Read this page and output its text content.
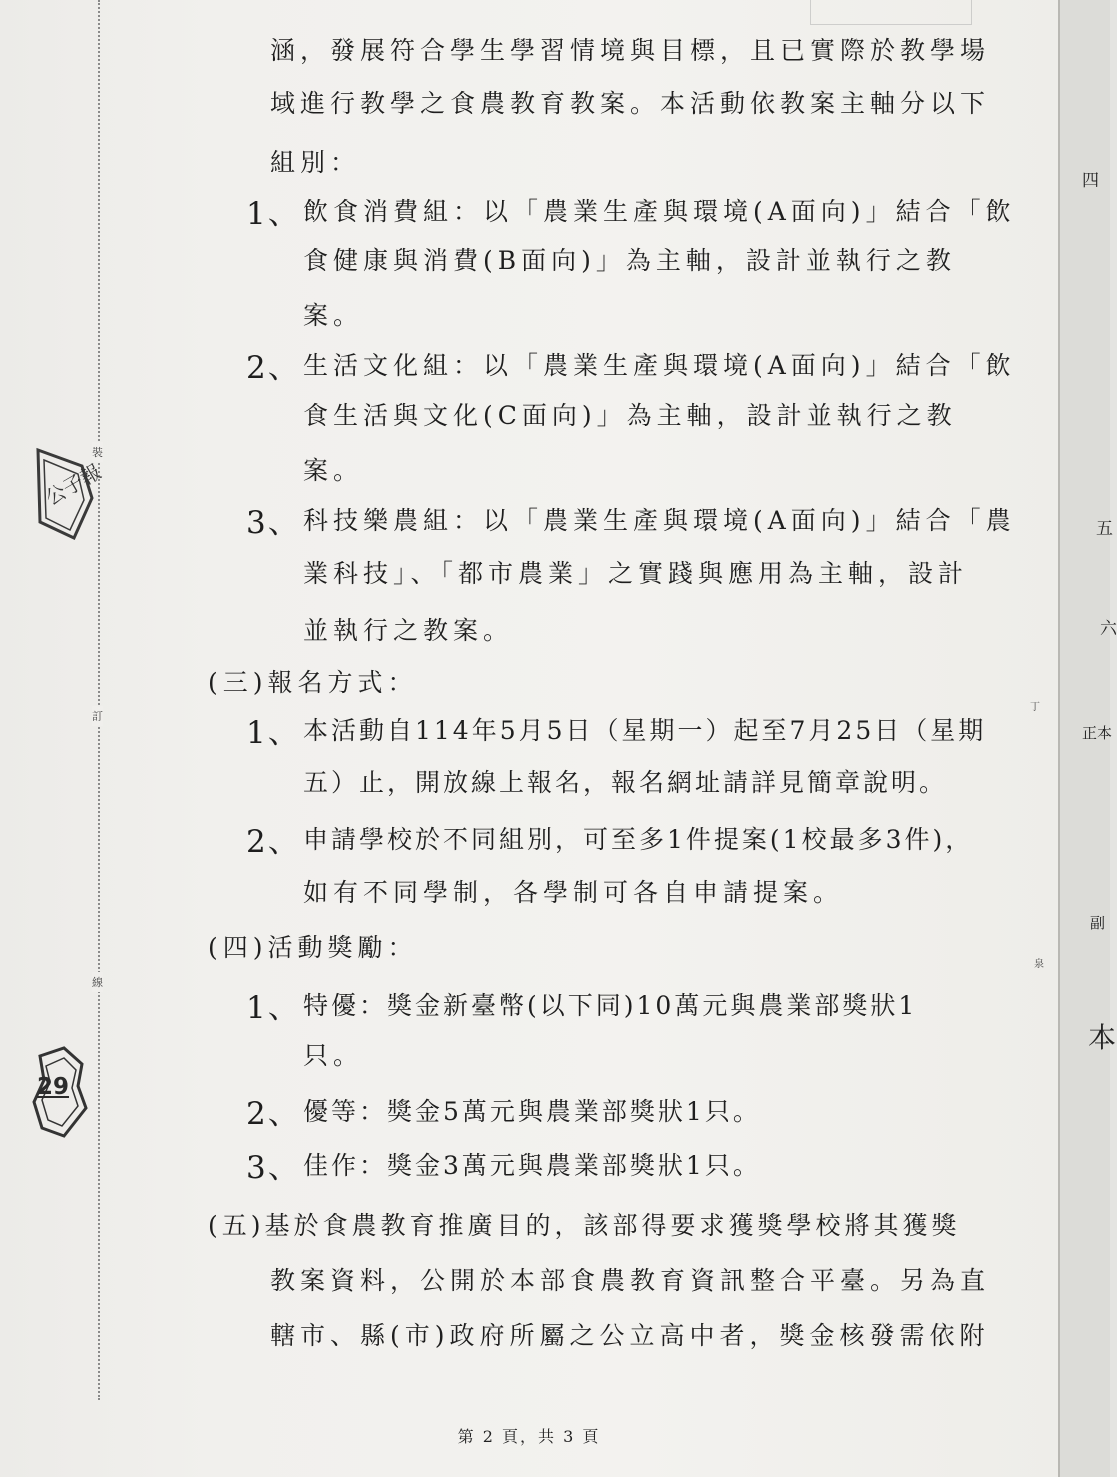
裝
訂
線
丁
泉
公子報
29
涵，發展符合學生學習情境與目標，且已實際於教學場
域進行教學之食農教育教案。本活動依教案主軸分以下
組別：
1、 飲食消費組：以「農業生產與環境(A面向)」結合「飲
食健康與消費(B面向)」為主軸，設計並執行之教
案。
2、 生活文化組：以「農業生產與環境(A面向)」結合「飲
食生活與文化(C面向)」為主軸，設計並執行之教
案。
3、 科技樂農組：以「農業生產與環境(A面向)」結合「農
業科技」、「都市農業」之實踐與應用為主軸，設計
並執行之教案。
(三)報名方式：
1、 本活動自114年5月5日（星期一）起至7月25日（星期
五）止，開放線上報名，報名網址請詳見簡章說明。
2、 申請學校於不同組別，可至多1件提案(1校最多3件)，
如有不同學制，各學制可各自申請提案。
(四)活動獎勵：
1、 特優：獎金新臺幣(以下同)10萬元與農業部獎狀1
只。
2、 優等：獎金5萬元與農業部獎狀1只。
3、 佳作：獎金3萬元與農業部獎狀1只。
(五)基於食農教育推廣目的，該部得要求獲獎學校將其獲獎
教案資料，公開於本部食農教育資訊整合平臺。另為直
轄市、縣(市)政府所屬之公立高中者，獎金核發需依附
第 2 頁，共 3 頁
四
五
六
正本
副
本
